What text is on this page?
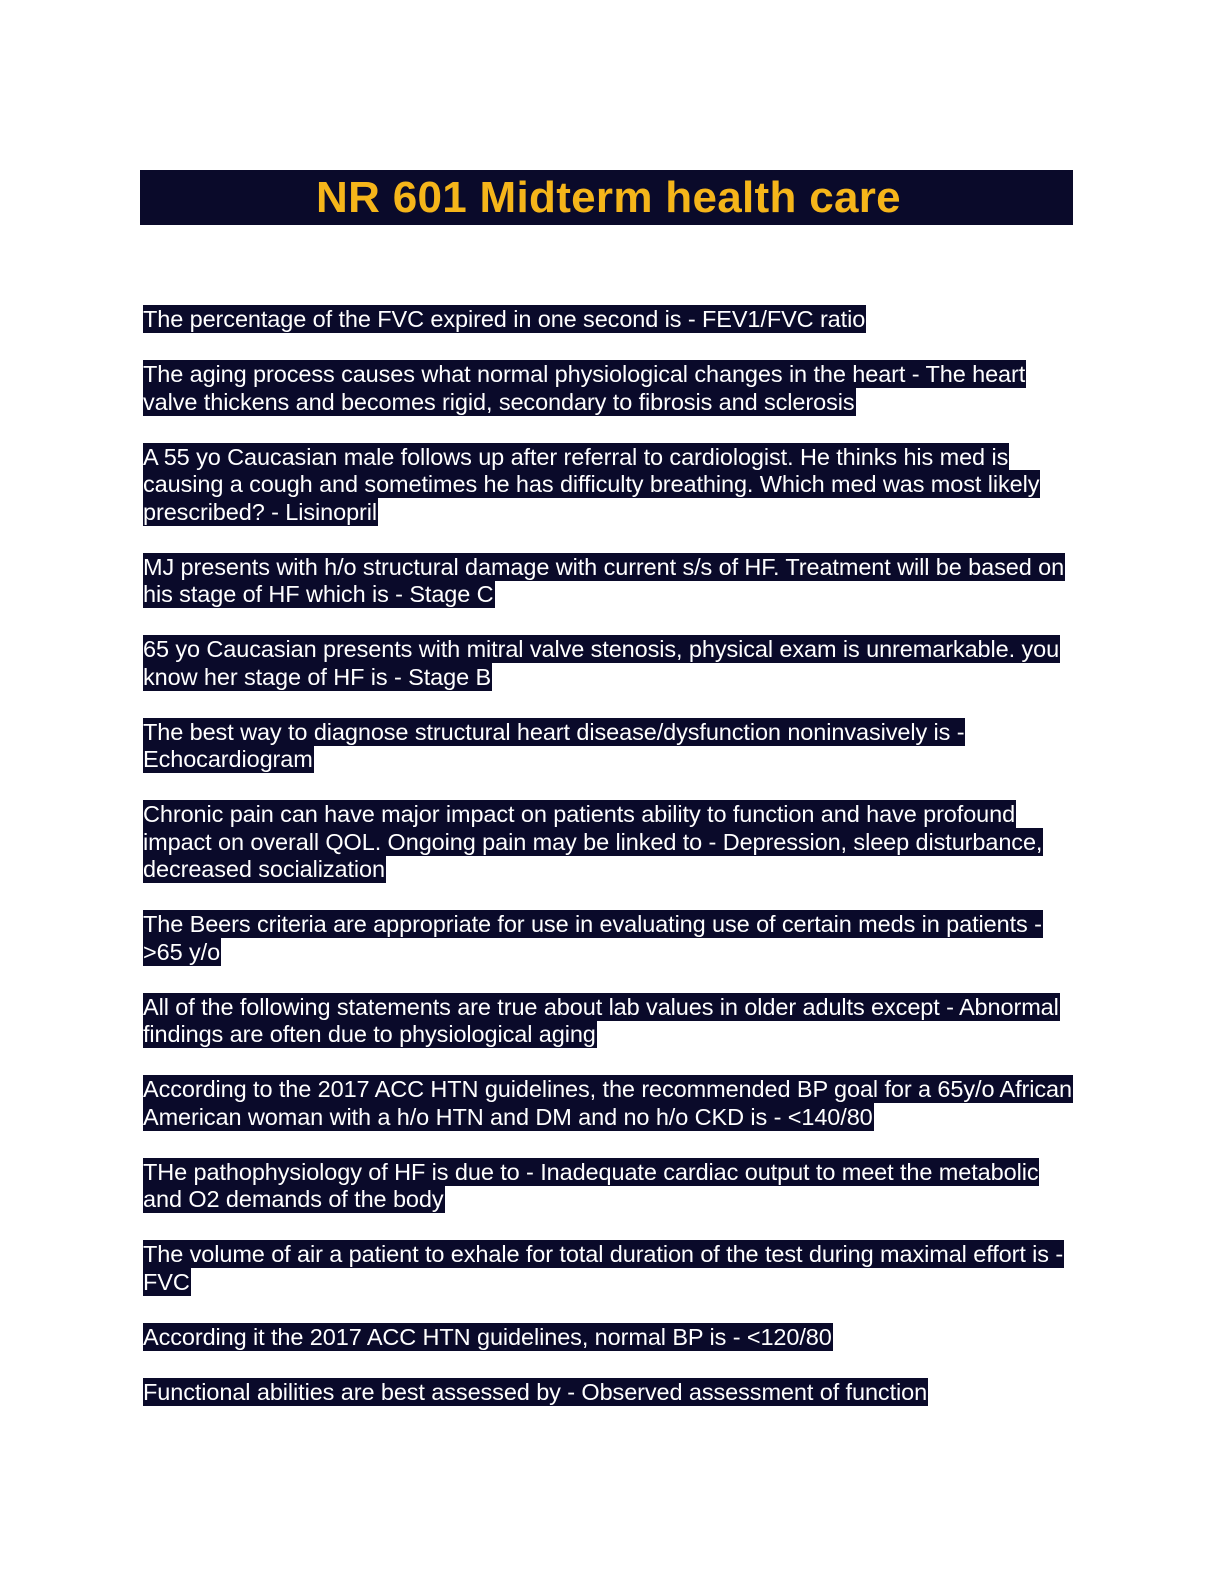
NR 601 Midterm health care

The percentage of the FVC expired in one second is - FEV1/FVC ratio

The aging process causes what normal physiological changes in the heart - The heart valve thickens and becomes rigid, secondary to fibrosis and sclerosis

A 55 yo Caucasian male follows up after referral to cardiologist. He thinks his med is causing a cough and sometimes he has difficulty breathing. Which med was most likely prescribed? - Lisinopril

MJ presents with h/o structural damage with current s/s of HF. Treatment will be based on his stage of HF which is - Stage C

65 yo Caucasian presents with mitral valve stenosis, physical exam is unremarkable. you know her stage of HF is - Stage B

The best way to diagnose structural heart disease/dysfunction noninvasively is - Echocardiogram

Chronic pain can have major impact on patients ability to function and have profound impact on overall QOL. Ongoing pain may be linked to - Depression, sleep disturbance, decreased socialization

The Beers criteria are appropriate for use in evaluating use of certain meds in patients - >65 y/o

All of the following statements are true about lab values in older adults except - Abnormal findings are often due to physiological aging

According to the 2017 ACC HTN guidelines, the recommended BP goal for a 65y/o African American woman with a h/o HTN and DM and no h/o CKD is - <140/80

THe pathophysiology of HF is due to - Inadequate cardiac output to meet the metabolic and O2 demands of the body

The volume of air a patient to exhale for total duration of the test during maximal effort is - FVC

According it the 2017 ACC HTN guidelines, normal BP is - <120/80

Functional abilities are best assessed by - Observed assessment of function
